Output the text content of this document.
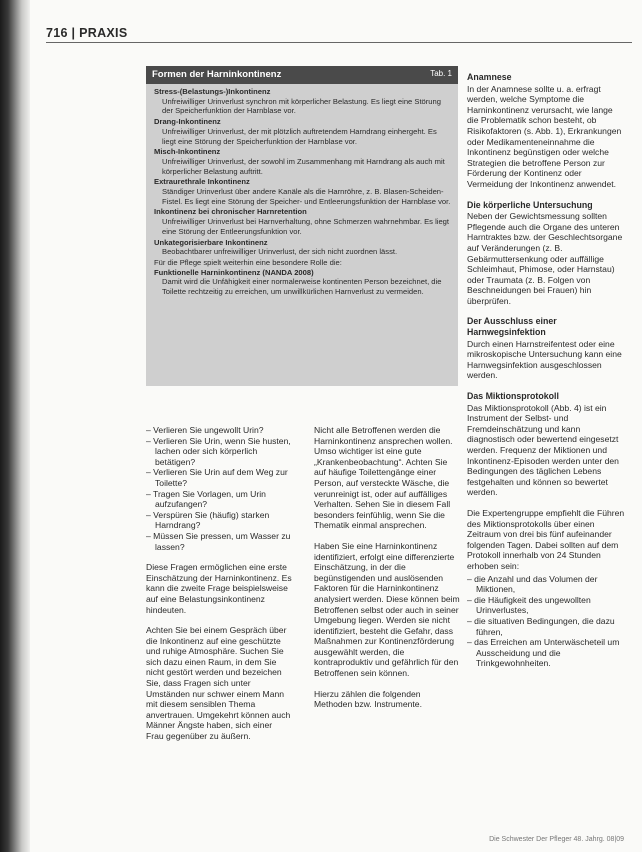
716 | PRAXIS
Formen der Harninkontinenz	Tab. 1
Stress-(Belastungs-)Inkontinenz
Unfreiwilliger Urinverlust synchron mit körperlicher Belastung. Es liegt eine Störung der Speicherfunktion der Harnblase vor.
Drang-Inkontinenz
Unfreiwilliger Urinverlust, der mit plötzlich auftretendem Harndrang einhergeht. Es liegt eine Störung der Speicherfunktion der Harnblase vor.
Misch-Inkontinenz
Unfreiwilliger Urinverlust, der sowohl im Zusammenhang mit Harndrang als auch mit körperlicher Belastung auftritt.
Extraurethrale Inkontinenz
Ständiger Urinverlust über andere Kanäle als die Harnröhre, z. B. Blasen-Scheiden-Fistel. Es liegt eine Störung der Speicher- und Entleerungsfunktion der Harnblase vor.
Inkontinenz bei chronischer Harnretention
Unfreiwilliger Urinverlust bei Harnverhaltung, ohne Schmerzen wahrnehmbar. Es liegt eine Störung der Entleerungsfunktion vor.
Unkategorisierbare Inkontinenz
Beobachtbarer unfreiwilliger Urinverlust, der sich nicht zuordnen lässt.
Für die Pflege spielt weiterhin eine besondere Rolle die:
Funktionelle Harninkontinenz (NANDA 2008)
Damit wird die Unfähigkeit einer normalerweise kontinenten Person bezeichnet, die Toilette rechtzeitig zu erreichen, um unwillkürlichen Harnverlust zu vermeiden.
– Verlieren Sie ungewollt Urin?
– Verlieren Sie Urin, wenn Sie husten, lachen oder sich körperlich betätigen?
– Verlieren Sie Urin auf dem Weg zur Toilette?
– Tragen Sie Vorlagen, um Urin aufzufangen?
– Verspüren Sie (häufig) starken Harndrang?
– Müssen Sie pressen, um Wasser zu lassen?

Diese Fragen ermöglichen eine erste Einschätzung der Harninkontinenz. Es kann die zweite Frage beispielsweise auf eine Belastungsinkontinenz hindeuten.

Achten Sie bei einem Gespräch über die Inkontinenz auf eine geschützte und ruhige Atmosphäre. Suchen Sie sich dazu einen Raum, in dem Sie nicht gestört werden und bezeichen Sie, dass Fragen sich unter Umständen nur schwer einem Mann mit diesem sensiblen Thema anvertrauen. Umgekehrt können auch Männer Ängste haben, sich einer Frau gegenüber zu äußern.

Nicht alle Betroffenen werden die Harninkontinenz ansprechen wollen. Umso wichtiger ist eine gute „Krankenbeobachtung“. Achten Sie auf häufige Toilettengänge einer Person, auf versteckte Wäsche, die verunreinigt ist, oder auf auffälliges Verhalten. Sehen Sie in diesem Fall besonders feinfühlig, wenn Sie die Thematik einmal ansprechen.

Haben Sie eine Harninkontinenz identifiziert, erfolgt eine differenzierte Einschätzung, in der die begünstigenden und auslösenden Faktoren für die Harninkontinenz analysiert werden. Diese können beim Betroffenen selbst oder auch in seiner Umgebung liegen. Werden sie nicht identifiziert, besteht die Gefahr, dass Maßnahmen zur Kontinenzförderung ausgewählt werden, die kontraproduktiv und gefährlich für den Betroffenen sein können.

Hierzu zählen die folgenden Methoden bzw. Instrumente.

Anamnese

In der Anamnese sollte u. a. erfragt werden, welche Symptome die Harninkontinenz verursacht, wie lange die Problematik schon besteht, ob Risikofaktoren (s. Abb. 1), Erkrankungen oder Medikamenteneinnahme die Inkontinenz begünstigen oder welche Strategien die betroffene Person zur Förderung der Kontinenz oder Vermeidung der Inkontinenz anwendet.

Die körperliche Untersuchung

Neben der Gewichtsmessung sollten Pflegende auch die Organe des unteren Harntraktes bzw. der Geschlechtsorgane auf Veränderungen (z. B. Gebärmuttersenkung oder auffällige Schleimhaut, Phimose, oder Harnstau) oder Traumata (z. B. Folgen von Beschneidungen bei Frauen) hin überprüfen.

Der Ausschluss einer Harnwegsinfektion

Durch einen Harnstreifentest oder eine mikroskopische Untersuchung kann eine Harnwegsinfektion ausgeschlossen werden.

Das Miktionsprotokoll

Das Miktionsprotokoll (Abb. 4) ist ein Instrument der Selbst- und Fremdeinschätzung und kann diagnostisch oder bewertend eingesetzt werden. Frequenz der Miktionen und Inkontinenz-Episoden werden unter den Bedingungen des täglichen Lebens festgehalten und können so bewertet werden.

Die Expertengruppe empfiehlt die Führen des Miktionsprotokolls über einen Zeitraum von drei bis fünf aufeinander folgenden Tagen. Dabei sollten auf dem Protokoll innerhalb von 24 Stunden erhoben sein:

– die Anzahl und das Volumen der Miktionen,
– die Häufigkeit des ungewollten Urinverlustes,
– die situativen Bedingungen, die dazu führen,
– das Erreichen am Unterwäscheteil um Ausscheidung und die Trinkgewohnheiten.
Die Schwester Der Pfleger 48. Jahrg. 08|09
